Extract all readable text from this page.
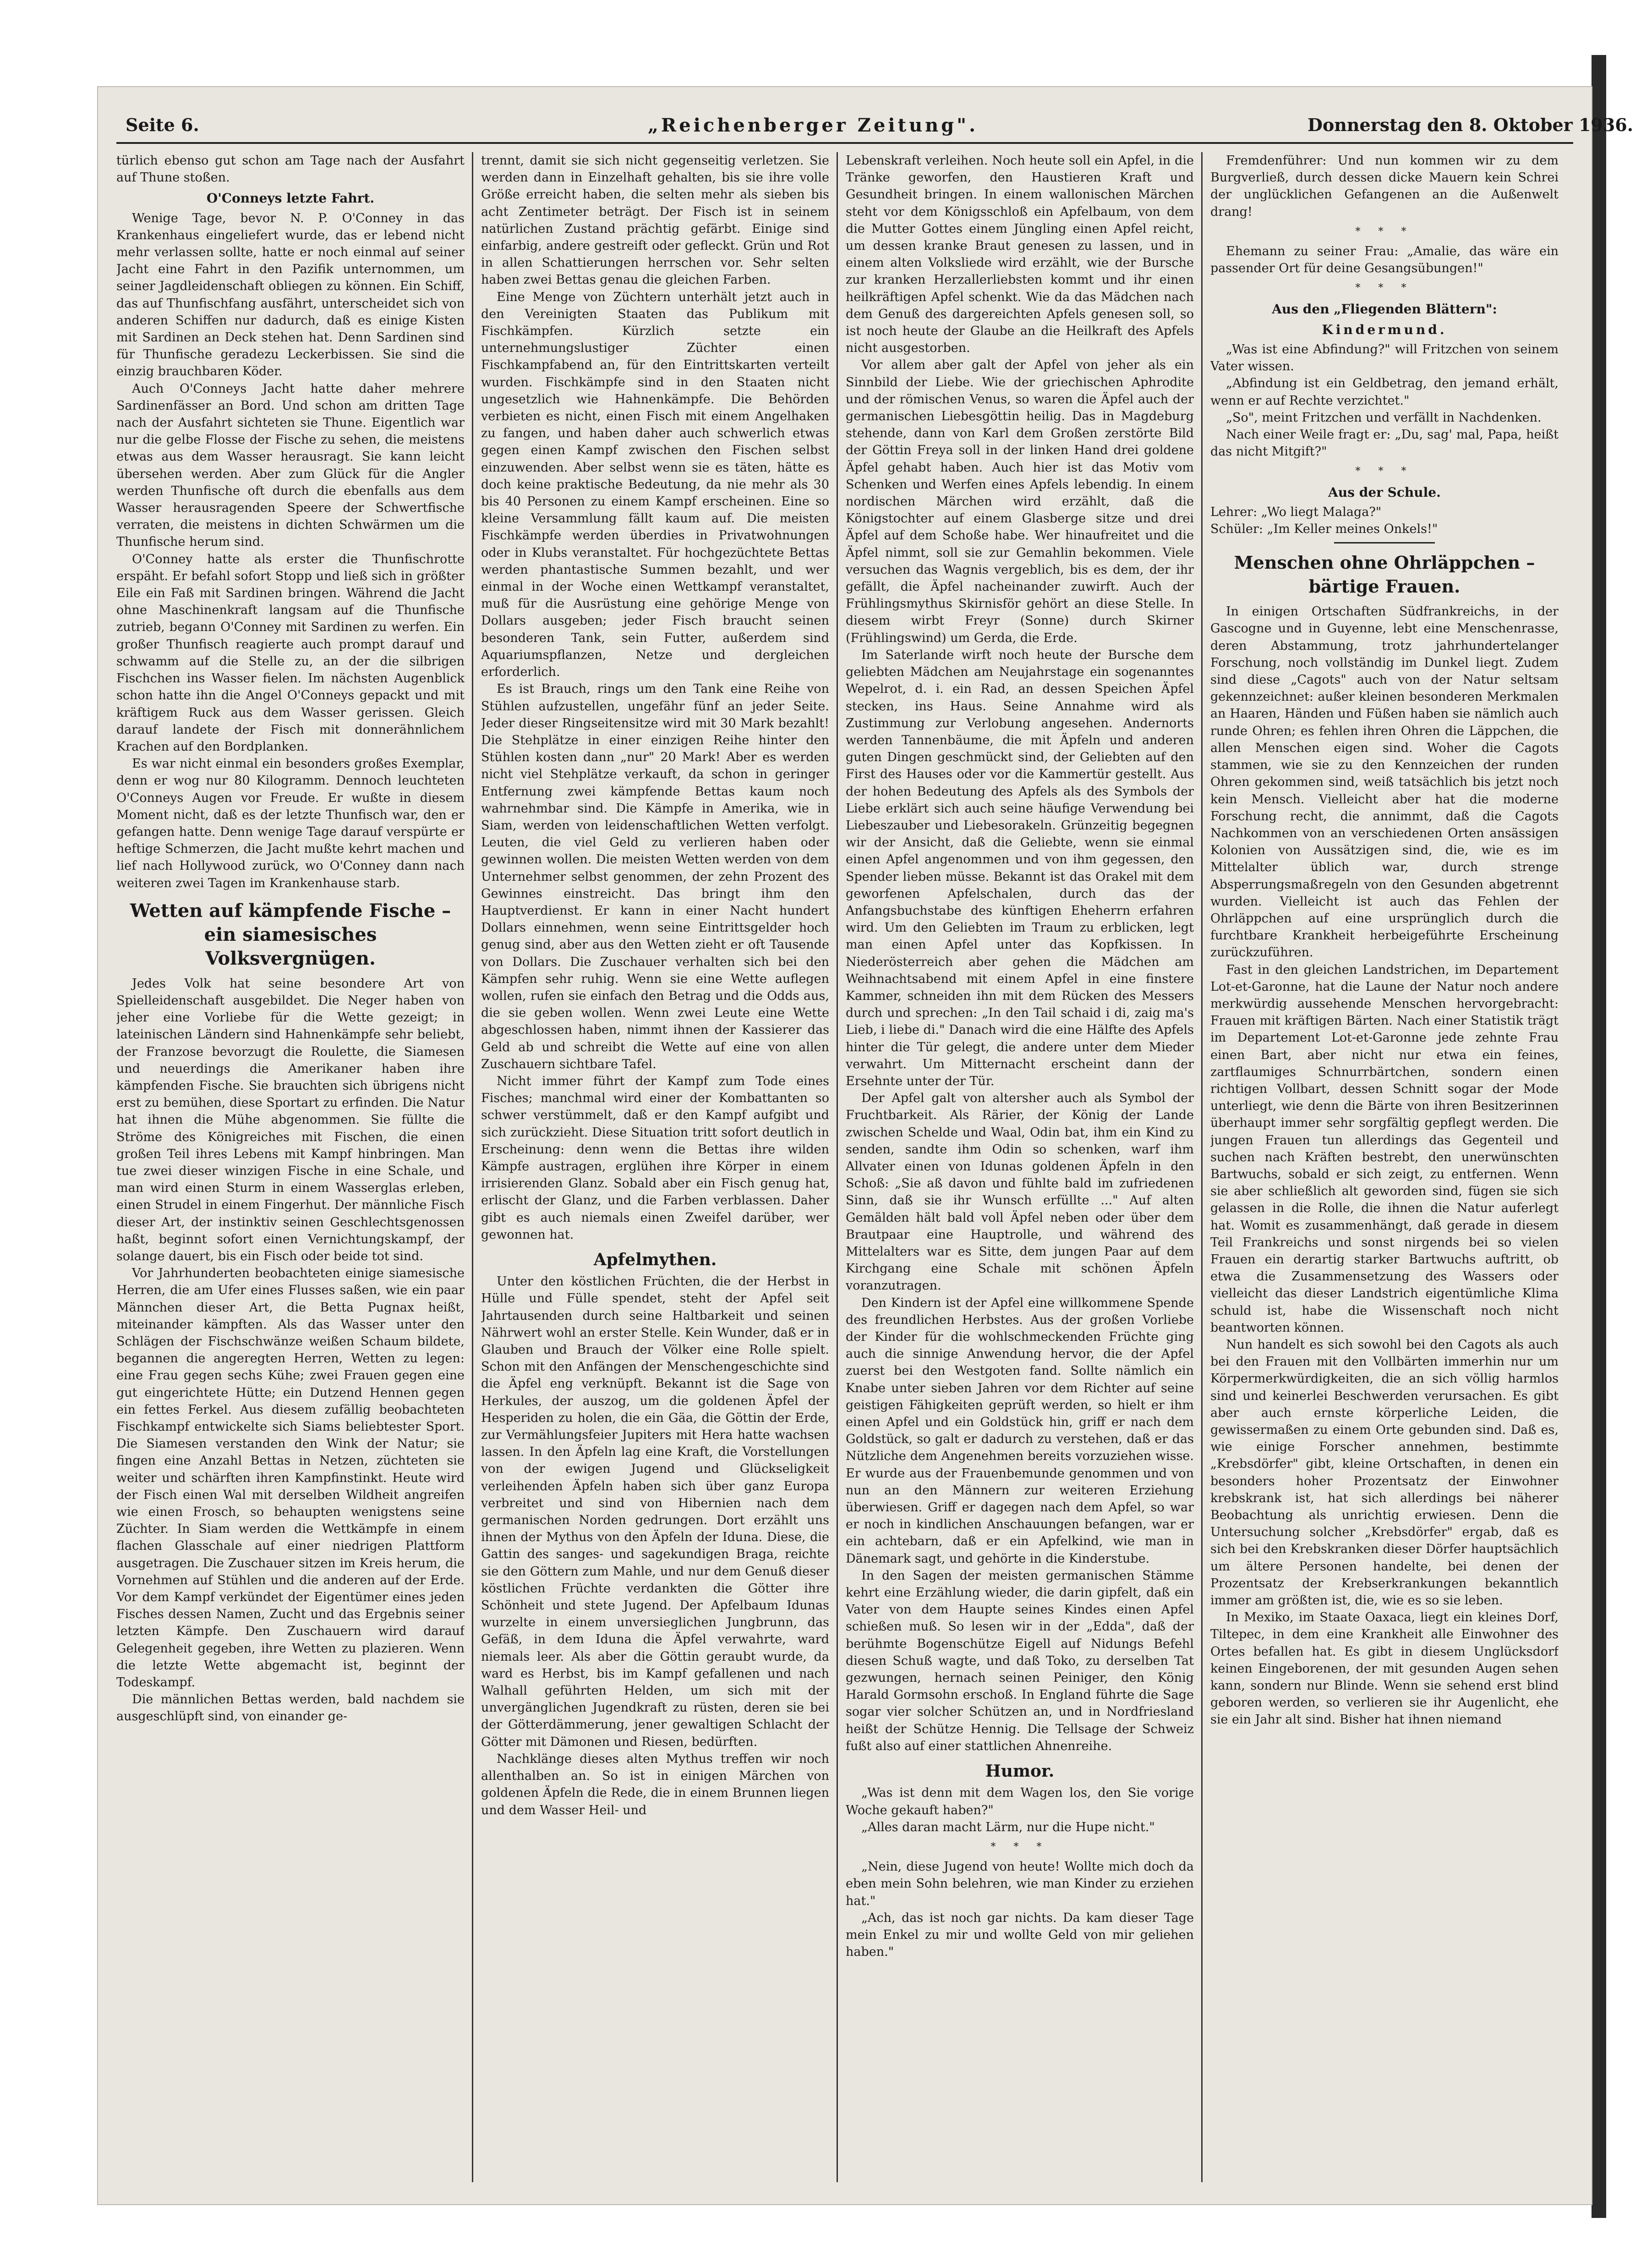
Seite 6.	„Reichenberger Zeitung".	Donnerstag den 8. Oktober 1936.

türlich ebenso gut schon am Tage nach der Ausfahrt auf Thune stoßen.

O'Conneys letzte Fahrt.

Wenige Tage, bevor N. P. O'Conney in das Krankenhaus eingeliefert wurde, das er lebend nicht mehr verlassen sollte, hatte er noch einmal auf seiner Jacht eine Fahrt in den Pazifik unternommen, um seiner Jagdleidenschaft obliegen zu können. Ein Schiff, das auf Thunfischfang ausfährt, unterscheidet sich von anderen Schiffen nur dadurch, daß es einige Kisten mit Sardinen an Deck stehen hat. Denn Sardinen sind für Thunfische geradezu Leckerbissen. Sie sind die einzig brauchbaren Köder.

Auch O'Conneys Jacht hatte daher mehrere Sardinenfässer an Bord. Und schon am dritten Tage nach der Ausfahrt sichteten sie Thune. Eigentlich war nur die gelbe Flosse der Fische zu sehen, die meistens etwas aus dem Wasser herausragt. Sie kann leicht übersehen werden. Aber zum Glück für die Angler werden Thunfische oft durch die ebenfalls aus dem Wasser herausragenden Speere der Schwertfische verraten, die meistens in dichten Schwärmen um die Thunfische herum sind.

O'Conney hatte als erster die Thunfischrotte erspäht. Er befahl sofort Stopp und ließ sich in größter Eile ein Faß mit Sardinen bringen. Während die Jacht ohne Maschinenkraft langsam auf die Thunfische zutrieb, begann O'Conney mit Sardinen zu werfen. Ein großer Thunfisch reagierte auch prompt darauf und schwamm auf die Stelle zu, an der die silbrigen Fischchen ins Wasser fielen. Im nächsten Augenblick schon hatte ihn die Angel O'Conneys gepackt und mit kräftigem Ruck aus dem Wasser gerissen. Gleich darauf landete der Fisch mit donnerähnlichem Krachen auf den Bordplanken.

Es war nicht einmal ein besonders großes Exemplar, denn er wog nur 80 Kilogramm. Dennoch leuchteten O'Conneys Augen vor Freude. Er wußte in diesem Moment nicht, daß es der letzte Thunfisch war, den er gefangen hatte. Denn wenige Tage darauf verspürte er heftige Schmerzen, die Jacht mußte kehrt machen und lief nach Hollywood zurück, wo O'Conney dann nach weiteren zwei Tagen im Krankenhause starb.

Wetten auf kämpfende Fische – ein siamesisches Volksvergnügen.

Jedes Volk hat seine besondere Art von Spielleidenschaft ausgebildet. Die Neger haben von jeher eine Vorliebe für die Wette gezeigt; in lateinischen Ländern sind Hahnenkämpfe sehr beliebt, der Franzose bevorzugt die Roulette, die Siamesen und neuerdings die Amerikaner haben ihre kämpfenden Fische. Sie brauchten sich übrigens nicht erst zu bemühen, diese Sportart zu erfinden. Die Natur hat ihnen die Mühe abgenommen. Sie füllte die Ströme des Königreiches mit Fischen, die einen großen Teil ihres Lebens mit Kampf hinbringen. Man tue zwei dieser winzigen Fische in eine Schale, und man wird einen Sturm in einem Wasserglas erleben, einen Strudel in einem Fingerhut. Der männliche Fisch dieser Art, der instinktiv seinen Geschlechtsgenossen haßt, beginnt sofort einen Vernichtungskampf, der solange dauert, bis ein Fisch oder beide tot sind.

Vor Jahrhunderten beobachteten einige siamesische Herren, die am Ufer eines Flusses saßen, wie ein paar Männchen dieser Art, die Betta Pugnax heißt, miteinander kämpften. Als das Wasser unter den Schlägen der Fischschwänze weißen Schaum bildete, begannen die angeregten Herren, Wetten zu legen: eine Frau gegen sechs Kühe; zwei Frauen gegen eine gut eingerichtete Hütte; ein Dutzend Hennen gegen ein fettes Ferkel. Aus diesem zufällig beobachteten Fischkampf entwickelte sich Siams beliebtester Sport. Die Siamesen verstanden den Wink der Natur; sie fingen eine Anzahl Bettas in Netzen, züchteten sie weiter und schärften ihren Kampfinstinkt. Heute wird der Fisch einen Wal mit derselben Wildheit angreifen wie einen Frosch, so behaupten wenigstens seine Züchter. In Siam werden die Wettkämpfe in einem flachen Glasschale auf einer niedrigen Plattform ausgetragen. Die Zuschauer sitzen im Kreis herum, die Vornehmen auf Stühlen und die anderen auf der Erde. Vor dem Kampf verkündet der Eigentümer eines jeden Fisches dessen Namen, Zucht und das Ergebnis seiner letzten Kämpfe. Den Zuschauern wird darauf Gelegenheit gegeben, ihre Wetten zu plazieren. Wenn die letzte Wette abgemacht ist, beginnt der Todeskampf.

Die männlichen Bettas werden, bald nachdem sie ausgeschlüpft sind, von einander ge-

trennt, damit sie sich nicht gegenseitig verletzen. Sie werden dann in Einzelhaft gehalten, bis sie ihre volle Größe erreicht haben, die selten mehr als sieben bis acht Zentimeter beträgt. Der Fisch ist in seinem natürlichen Zustand prächtig gefärbt. Einige sind einfarbig, andere gestreift oder gefleckt. Grün und Rot in allen Schattierungen herrschen vor. Sehr selten haben zwei Bettas genau die gleichen Farben.

Eine Menge von Züchtern unterhält jetzt auch in den Vereinigten Staaten das Publikum mit Fischkämpfen. Kürzlich setzte ein unternehmungslustiger Züchter einen Fischkampfabend an, für den Eintrittskarten verteilt wurden. Fischkämpfe sind in den Staaten nicht ungesetzlich wie Hahnenkämpfe. Die Behörden verbieten es nicht, einen Fisch mit einem Angelhaken zu fangen, und haben daher auch schwerlich etwas gegen einen Kampf zwischen den Fischen selbst einzuwenden. Aber selbst wenn sie es täten, hätte es doch keine praktische Bedeutung, da nie mehr als 30 bis 40 Personen zu einem Kampf erscheinen. Eine so kleine Versammlung fällt kaum auf. Die meisten Fischkämpfe werden überdies in Privatwohnungen oder in Klubs veranstaltet. Für hochgezüchtete Bettas werden phantastische Summen bezahlt, und wer einmal in der Woche einen Wettkampf veranstaltet, muß für die Ausrüstung eine gehörige Menge von Dollars ausgeben; jeder Fisch braucht seinen besonderen Tank, sein Futter, außerdem sind Aquariumspflanzen, Netze und dergleichen erforderlich.

Es ist Brauch, rings um den Tank eine Reihe von Stühlen aufzustellen, ungefähr fünf an jeder Seite. Jeder dieser Ringseitensitze wird mit 30 Mark bezahlt! Die Stehplätze in einer einzigen Reihe hinter den Stühlen kosten dann „nur" 20 Mark! Aber es werden nicht viel Stehplätze verkauft, da schon in geringer Entfernung zwei kämpfende Bettas kaum noch wahrnehmbar sind. Die Kämpfe in Amerika, wie in Siam, werden von leidenschaftlichen Wetten verfolgt. Leuten, die viel Geld zu verlieren haben oder gewinnen wollen. Die meisten Wetten werden von dem Unternehmer selbst genommen, der zehn Prozent des Gewinnes einstreicht. Das bringt ihm den Hauptverdienst. Er kann in einer Nacht hundert Dollars einnehmen, wenn seine Eintrittsgelder hoch genug sind, aber aus den Wetten zieht er oft Tausende von Dollars. Die Zuschauer verhalten sich bei den Kämpfen sehr ruhig. Wenn sie eine Wette auflegen wollen, rufen sie einfach den Betrag und die Odds aus, die sie geben wollen. Wenn zwei Leute eine Wette abgeschlossen haben, nimmt ihnen der Kassierer das Geld ab und schreibt die Wette auf eine von allen Zuschauern sichtbare Tafel.

Nicht immer führt der Kampf zum Tode eines Fisches; manchmal wird einer der Kombattanten so schwer verstümmelt, daß er den Kampf aufgibt und sich zurückzieht. Diese Situation tritt sofort deutlich in Erscheinung: denn wenn die Bettas ihre wilden Kämpfe austragen, erglühen ihre Körper in einem irrisierenden Glanz. Sobald aber ein Fisch genug hat, erlischt der Glanz, und die Farben verblassen. Daher gibt es auch niemals einen Zweifel darüber, wer gewonnen hat.

Apfelmythen.

Unter den köstlichen Früchten, die der Herbst in Hülle und Fülle spendet, steht der Apfel seit Jahrtausenden durch seine Haltbarkeit und seinen Nährwert wohl an erster Stelle. Kein Wunder, daß er in Glauben und Brauch der Völker eine Rolle spielt. Schon mit den Anfängen der Menschengeschichte sind die Äpfel eng verknüpft. Bekannt ist die Sage von Herkules, der auszog, um die goldenen Äpfel der Hesperiden zu holen, die ein Gäa, die Göttin der Erde, zur Vermählungsfeier Jupiters mit Hera hatte wachsen lassen. In den Äpfeln lag eine Kraft, die Vorstellungen von der ewigen Jugend und Glückseligkeit verleihenden Äpfeln haben sich über ganz Europa verbreitet und sind von Hibernien nach dem germanischen Norden gedrungen. Dort erzählt uns ihnen der Mythus von den Äpfeln der Iduna. Diese, die Gattin des sanges- und sagekundigen Braga, reichte sie den Göttern zum Mahle, und nur dem Genuß dieser köstlichen Früchte verdankten die Götter ihre Schönheit und stete Jugend. Der Apfelbaum Idunas wurzelte in einem unversieglichen Jungbrunn, das Gefäß, in dem Iduna die Äpfel verwahrte, ward niemals leer. Als aber die Göttin geraubt wurde, da ward es Herbst, bis im Kampf gefallenen und nach Walhall geführten Helden, um sich mit der unvergänglichen Jugendkraft zu rüsten, deren sie bei der Götterdämmerung, jener gewaltigen Schlacht der Götter mit Dämonen und Riesen, bedürften.

Nachklänge dieses alten Mythus treffen wir noch allenthalben an. So ist in einigen Märchen von goldenen Äpfeln die Rede, die in einem Brunnen liegen und dem Wasser Heil- und

Lebenskraft verleihen. Noch heute soll ein Apfel, in die Tränke geworfen, den Haustieren Kraft und Gesundheit bringen. In einem wallonischen Märchen steht vor dem Königsschloß ein Apfelbaum, von dem die Mutter Gottes einem Jüngling einen Apfel reicht, um dessen kranke Braut genesen zu lassen, und in einem alten Volksliede wird erzählt, wie der Bursche zur kranken Herzallerliebsten kommt und ihr einen heilkräftigen Apfel schenkt. Wie da das Mädchen nach dem Genuß des dargereichten Apfels genesen soll, so ist noch heute der Glaube an die Heilkraft des Apfels nicht ausgestorben.

Vor allem aber galt der Apfel von jeher als ein Sinnbild der Liebe. Wie der griechischen Aphrodite und der römischen Venus, so waren die Äpfel auch der germanischen Liebesgöttin heilig. Das in Magdeburg stehende, dann von Karl dem Großen zerstörte Bild der Göttin Freya soll in der linken Hand drei goldene Äpfel gehabt haben. Auch hier ist das Motiv vom Schenken und Werfen eines Apfels lebendig. In einem nordischen Märchen wird erzählt, daß die Königstochter auf einem Glasberge sitze und drei Äpfel auf dem Schoße habe. Wer hinaufreitet und die Äpfel nimmt, soll sie zur Gemahlin bekommen. Viele versuchen das Wagnis vergeblich, bis es dem, der ihr gefällt, die Äpfel nacheinander zuwirft. Auch der Frühlingsmythus Skirnisför gehört an diese Stelle. In diesem wirbt Freyr (Sonne) durch Skirner (Frühlingswind) um Gerda, die Erde.

Im Saterlande wirft noch heute der Bursche dem geliebten Mädchen am Neujahrstage ein sogenanntes Wepelrot, d. i. ein Rad, an dessen Speichen Äpfel stecken, ins Haus. Seine Annahme wird als Zustimmung zur Verlobung angesehen. Andernorts werden Tannenbäume, die mit Äpfeln und anderen guten Dingen geschmückt sind, der Geliebten auf den First des Hauses oder vor die Kammertür gestellt. Aus der hohen Bedeutung des Apfels als des Symbols der Liebe erklärt sich auch seine häufige Verwendung bei Liebeszauber und Liebesorakeln. Grünzeitig begegnen wir der Ansicht, daß die Geliebte, wenn sie einmal einen Apfel angenommen und von ihm gegessen, den Spender lieben müsse. Bekannt ist das Orakel mit dem geworfenen Apfelschalen, durch das der Anfangsbuchstabe des künftigen Eheherrn erfahren wird. Um den Geliebten im Traum zu erblicken, legt man einen Apfel unter das Kopfkissen. In Niederösterreich aber gehen die Mädchen am Weihnachtsabend mit einem Apfel in eine finstere Kammer, schneiden ihn mit dem Rücken des Messers durch und sprechen: „In den Tail schaid i di, zaig ma's Lieb, i liebe di." Danach wird die eine Hälfte des Apfels hinter die Tür gelegt, die andere unter dem Mieder verwahrt. Um Mitternacht erscheint dann der Ersehnte unter der Tür.

Der Apfel galt von altersher auch als Symbol der Fruchtbarkeit. Als Rärier, der König der Lande zwischen Schelde und Waal, Odin bat, ihm ein Kind zu senden, sandte ihm Odin so schenken, warf ihm Allvater einen von Idunas goldenen Äpfeln in den Schoß: „Sie aß davon und fühlte bald im zufriedenen Sinn, daß sie ihr Wunsch erfüllte ..." Auf alten Gemälden hält bald voll Äpfel neben oder über dem Brautpaar eine Hauptrolle, und während des Mittelalters war es Sitte, dem jungen Paar auf dem Kirchgang eine Schale mit schönen Äpfeln voranzutragen.

Den Kindern ist der Apfel eine willkommene Spende des freundlichen Herbstes. Aus der großen Vorliebe der Kinder für die wohlschmeckenden Früchte ging auch die sinnige Anwendung hervor, die der Apfel zuerst bei den Westgoten fand. Sollte nämlich ein Knabe unter sieben Jahren vor dem Richter auf seine geistigen Fähigkeiten geprüft werden, so hielt er ihm einen Apfel und ein Goldstück hin, griff er nach dem Goldstück, so galt er dadurch zu verstehen, daß er das Nützliche dem Angenehmen bereits vorzuziehen wisse. Er wurde aus der Frauenbemunde genommen und von nun an den Männern zur weiteren Erziehung überwiesen. Griff er dagegen nach dem Apfel, so war er noch in kindlichen Anschauungen befangen, war er ein achtebarn, daß er ein Apfelkind, wie man in Dänemark sagt, und gehörte in die Kinderstube.

In den Sagen der meisten germanischen Stämme kehrt eine Erzählung wieder, die darin gipfelt, daß ein Vater von dem Haupte seines Kindes einen Apfel schießen muß. So lesen wir in der „Edda", daß der berühmte Bogenschütze Eigell auf Nidungs Befehl diesen Schuß wagte, und daß Toko, zu derselben Tat gezwungen, hernach seinen Peiniger, den König Harald Gormsohn erschoß. In England führte die Sage sogar vier solcher Schützen an, und in Nordfriesland heißt der Schütze Hennig. Die Tellsage der Schweiz fußt also auf einer stattlichen Ahnenreihe.

Humor.

„Was ist denn mit dem Wagen los, den Sie vorige Woche gekauft haben?"

„Alles daran macht Lärm, nur die Hupe nicht."

* * *

„Nein, diese Jugend von heute! Wollte mich doch da eben mein Sohn belehren, wie man Kinder zu erziehen hat."

„Ach, das ist noch gar nichts. Da kam dieser Tage mein Enkel zu mir und wollte Geld von mir geliehen haben."

Fremdenführer: Und nun kommen wir zu dem Burgverließ, durch dessen dicke Mauern kein Schrei der unglücklichen Gefangenen an die Außenwelt drang!

* * *

Ehemann zu seiner Frau: „Amalie, das wäre ein passender Ort für deine Gesangsübungen!"

* * *
Aus den „Fliegenden Blättern":
Kindermund.

„Was ist eine Abfindung?" will Fritzchen von seinem Vater wissen.

„Abfindung ist ein Geldbetrag, den jemand erhält, wenn er auf Rechte verzichtet."

„So", meint Fritzchen und verfällt in Nachdenken.

Nach einer Weile fragt er: „Du, sag' mal, Papa, heißt das nicht Mitgift?"

* * *
Aus der Schule.

Lehrer: „Wo liegt Malaga?"

Schüler: „Im Keller meines Onkels!"

Menschen ohne Ohrläppchen – bärtige Frauen.

In einigen Ortschaften Südfrankreichs, in der Gascogne und in Guyenne, lebt eine Menschenrasse, deren Abstammung, trotz jahrhundertelanger Forschung, noch vollständig im Dunkel liegt. Zudem sind diese „Cagots" auch von der Natur seltsam gekennzeichnet: außer kleinen besonderen Merkmalen an Haaren, Händen und Füßen haben sie nämlich auch runde Ohren; es fehlen ihren Ohren die Läppchen, die allen Menschen eigen sind. Woher die Cagots stammen, wie sie zu den Kennzeichen der runden Ohren gekommen sind, weiß tatsächlich bis jetzt noch kein Mensch. Vielleicht aber hat die moderne Forschung recht, die annimmt, daß die Cagots Nachkommen von an verschiedenen Orten ansässigen Kolonien von Aussätzigen sind, die, wie es im Mittelalter üblich war, durch strenge Absperrungsmaßregeln von den Gesunden abgetrennt wurden. Vielleicht ist auch das Fehlen der Ohrläppchen auf eine ursprünglich durch die furchtbare Krankheit herbeigeführte Erscheinung zurückzuführen.

Fast in den gleichen Landstrichen, im Departement Lot-et-Garonne, hat die Laune der Natur noch andere merkwürdig aussehende Menschen hervorgebracht: Frauen mit kräftigen Bärten. Nach einer Statistik trägt im Departement Lot-et-Garonne jede zehnte Frau einen Bart, aber nicht nur etwa ein feines, zartflaumiges Schnurrbärtchen, sondern einen richtigen Vollbart, dessen Schnitt sogar der Mode unterliegt, wie denn die Bärte von ihren Besitzerinnen überhaupt immer sehr sorgfältig gepflegt werden. Die jungen Frauen tun allerdings das Gegenteil und suchen nach Kräften bestrebt, den unerwünschten Bartwuchs, sobald er sich zeigt, zu entfernen. Wenn sie aber schließlich alt geworden sind, fügen sie sich gelassen in die Rolle, die ihnen die Natur auferlegt hat. Womit es zusammenhängt, daß gerade in diesem Teil Frankreichs und sonst nirgends bei so vielen Frauen ein derartig starker Bartwuchs auftritt, ob etwa die Zusammensetzung des Wassers oder vielleicht das dieser Landstrich eigentümliche Klima schuld ist, habe die Wissenschaft noch nicht beantworten können.

Nun handelt es sich sowohl bei den Cagots als auch bei den Frauen mit den Vollbärten immerhin nur um Körpermerkwürdigkeiten, die an sich völlig harmlos sind und keinerlei Beschwerden verursachen. Es gibt aber auch ernste körperliche Leiden, die gewissermaßen zu einem Orte gebunden sind. Daß es, wie einige Forscher annehmen, bestimmte „Krebsdörfer" gibt, kleine Ortschaften, in denen ein besonders hoher Prozentsatz der Einwohner krebskrank ist, hat sich allerdings bei näherer Beobachtung als unrichtig erwiesen. Denn die Untersuchung solcher „Krebsdörfer" ergab, daß es sich bei den Krebskranken dieser Dörfer hauptsächlich um ältere Personen handelte, bei denen der Prozentsatz der Krebserkrankungen bekanntlich immer am größten ist, die, wie es so sie leben.

In Mexiko, im Staate Oaxaca, liegt ein kleines Dorf, Tiltepec, in dem eine Krankheit alle Einwohner des Ortes befallen hat. Es gibt in diesem Unglücksdorf keinen Eingeborenen, der mit gesunden Augen sehen kann, sondern nur Blinde. Wenn sie sehend erst blind geboren werden, so verlieren sie ihr Augenlicht, ehe sie ein Jahr alt sind. Bisher hat ihnen niemand
